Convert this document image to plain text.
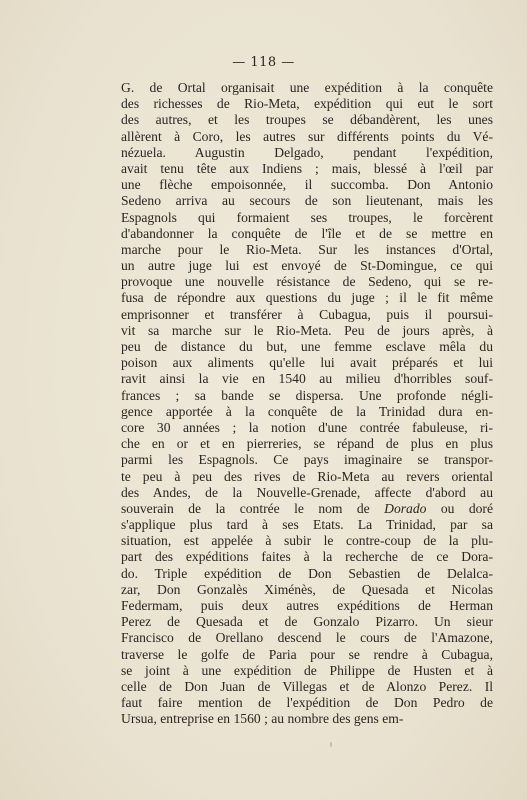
— 118 —
G. de Ortal organisait une expédition à la conquête
des richesses de Rio-Meta, expédition qui eut le sort
des autres, et les troupes se débandèrent, les unes
allèrent à Coro, les autres sur différents points du Vé-
nézuela. Augustin Delgado, pendant l'expédition,
avait tenu tête aux Indiens ; mais, blessé à l'œil par
une flèche empoisonnée, il succomba. Don Antonio
Sedeno arriva au secours de son lieutenant, mais les
Espagnols qui formaient ses troupes, le forcèrent
d'abandonner la conquête de l'île et de se mettre en
marche pour le Rio-Meta. Sur les instances d'Ortal,
un autre juge lui est envoyé de St-Domingue, ce qui
provoque une nouvelle résistance de Sedeno, qui se re-
fusa de répondre aux questions du juge ; il le fit même
emprisonner et transférer à Cubagua, puis il poursui-
vit sa marche sur le Rio-Meta. Peu de jours après, à
peu de distance du but, une femme esclave mêla du
poison aux aliments qu'elle lui avait préparés et lui
ravit ainsi la vie en 1540 au milieu d'horribles souf-
frances ; sa bande se dispersa. Une profonde négli-
gence apportée à la conquête de la Trinidad dura en-
core 30 années ; la notion d'une contrée fabuleuse, ri-
che en or et en pierreries, se répand de plus en plus
parmi les Espagnols. Ce pays imaginaire se transpor-
te peu à peu des rives de Rio-Meta au revers oriental
des Andes, de la Nouvelle-Grenade, affecte d'abord au
souverain de la contrée le nom de Dorado ou doré
s'applique plus tard à ses Etats. La Trinidad, par sa
situation, est appelée à subir le contre-coup de la plu-
part des expéditions faites à la recherche de ce Dora-
do. Triple expédition de Don Sebastien de Delalca-
zar, Don Gonzalès Ximénès, de Quesada et Nicolas
Federmam, puis deux autres expéditions de Herman
Perez de Quesada et de Gonzalo Pizarro. Un sieur
Francisco de Orellano descend le cours de l'Amazone,
traverse le golfe de Paria pour se rendre à Cubagua,
se joint à une expédition de Philippe de Husten et à
celle de Don Juan de Villegas et de Alonzo Perez. Il
faut faire mention de l'expédition de Don Pedro de
Ursua, entreprise en 1560 ; au nombre des gens em-
